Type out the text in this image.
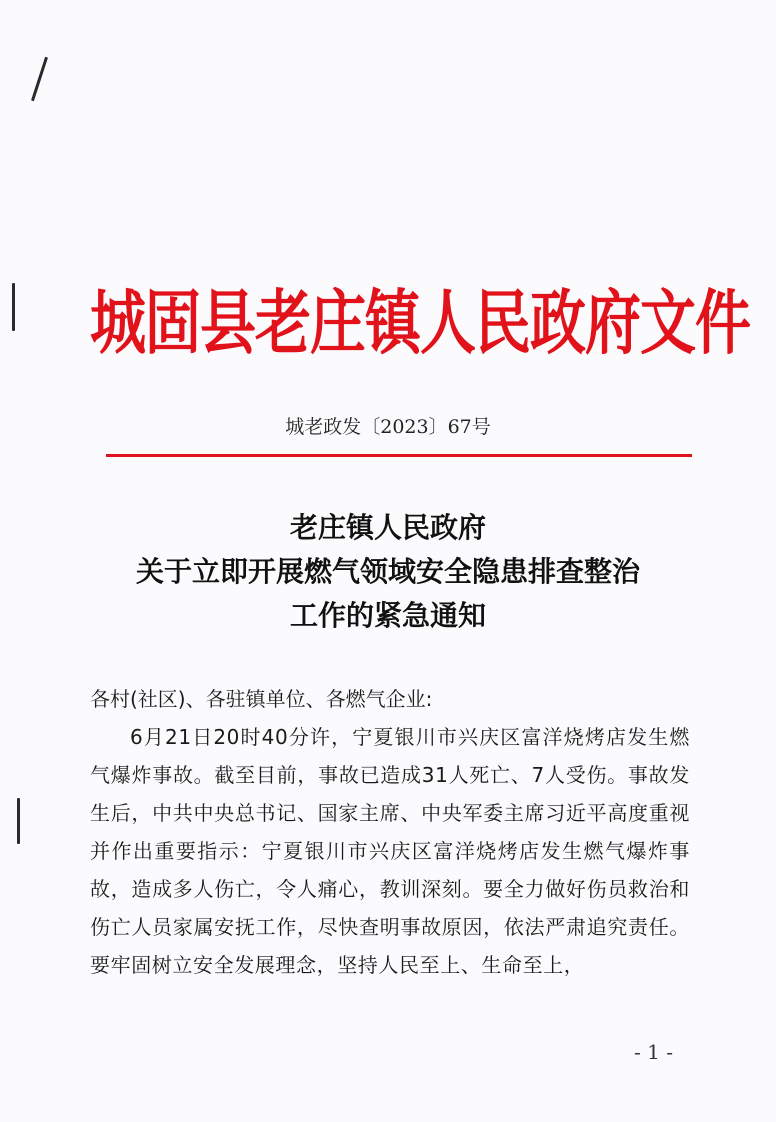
城固县老庄镇人民政府文件
城老政发〔2023〕67号
老庄镇人民政府
关于立即开展燃气领域安全隐患排查整治
工作的紧急通知

各村(社区)、各驻镇单位、各燃气企业:

6月21日20时40分许，宁夏银川市兴庆区富洋烧烤店发生燃气爆炸事故。截至目前，事故已造成31人死亡、7人受伤。事故发生后，中共中央总书记、国家主席、中央军委主席习近平高度重视并作出重要指示：宁夏银川市兴庆区富洋烧烤店发生燃气爆炸事故，造成多人伤亡，令人痛心，教训深刻。要全力做好伤员救治和伤亡人员家属安抚工作，尽快查明事故原因，依法严肃追究责任。要牢固树立安全发展理念，坚持人民至上、生命至上，

- 1 -
